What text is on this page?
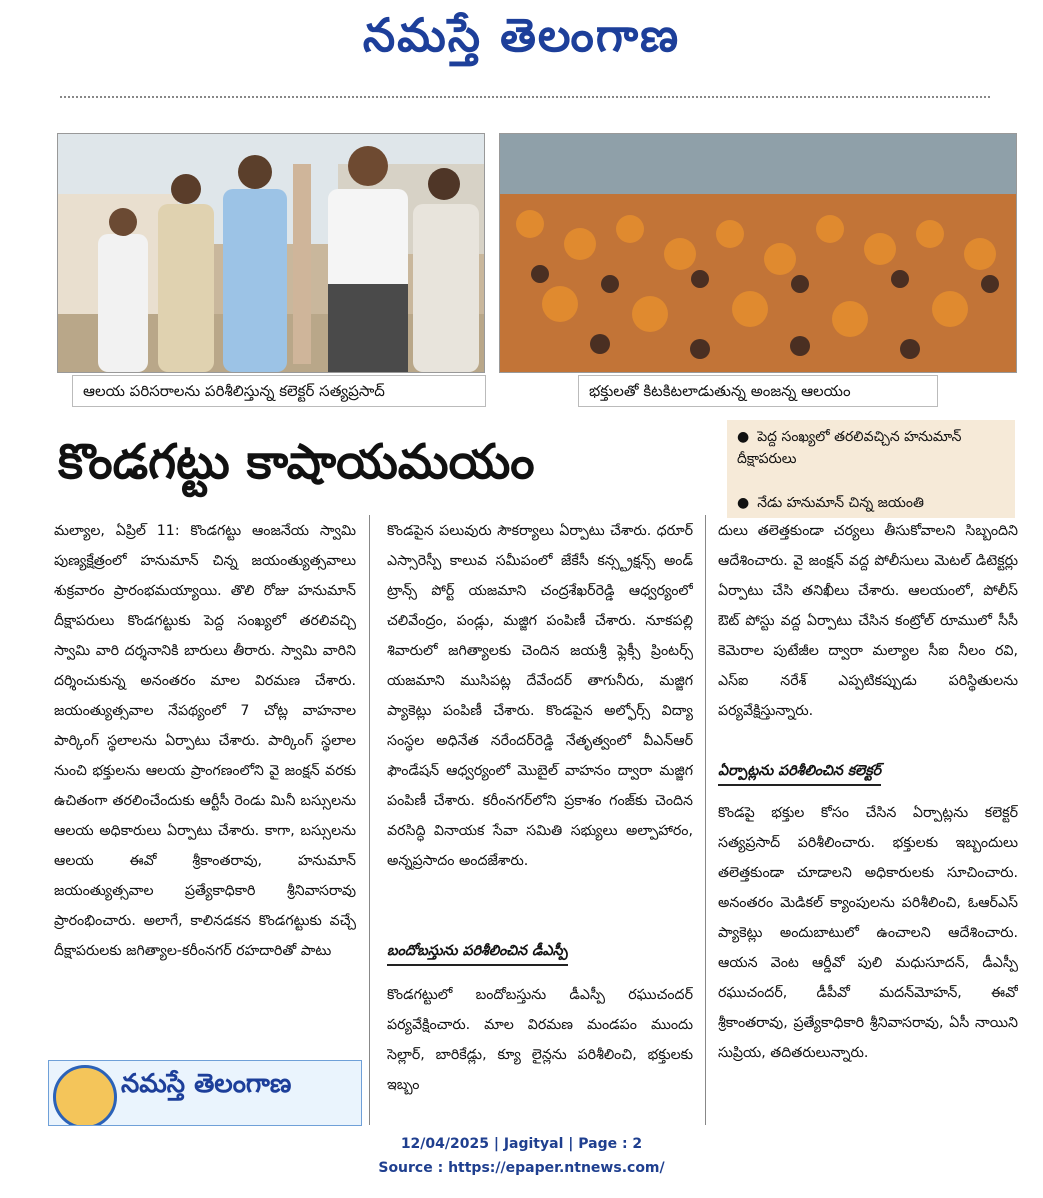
నమస్తే తెలంగాణ
ఆలయ పరిసరాలను పరిశీలిస్తున్న కలెక్టర్ సత్యప్రసాద్	భక్తులతో కిటకిటలాడుతున్న అంజన్న ఆలయం
కొండగట్టు కాషాయమయం	● పెద్ద సంఖ్యలో తరలివచ్చిన హనుమాన్ దీక్షాపరులు
● నేడు హనుమాన్ చిన్న జయంతి

మల్యాల, ఏప్రిల్ 11: కొండగట్టు ఆంజనేయ స్వామి పుణ్యక్షేత్రంలో హనుమాన్ చిన్న జయంత్యుత్సవాలు శుక్రవారం ప్రారంభమయ్యాయి. తొలి రోజు హనుమాన్ దీక్షాపరులు కొండగట్టుకు పెద్ద సంఖ్యలో తరలివచ్చి స్వామి వారి దర్శనానికి బారులు తీరారు. స్వామి వారిని దర్శించుకున్న అనంతరం మాల విరమణ చేశారు. జయంత్యుత్సవాల నేపథ్యంలో 7 చోట్ల వాహనాల పార్కింగ్ స్థలాలను ఏర్పాటు చేశారు. పార్కింగ్ స్థలాల నుంచి భక్తులను ఆలయ ప్రాంగణంలోని వై జంక్షన్ వరకు ఉచితంగా తరలించేందుకు ఆర్టీసీ రెండు మినీ బస్సులను ఆలయ అధికారులు ఏర్పాటు చేశారు. కాగా, బస్సులను ఆలయ ఈవో శ్రీకాంతరావు, హనుమాన్ జయంత్యుత్సవాల ప్రత్యేకాధికారి శ్రీనివాసరావు ప్రారంభించారు. అలాగే, కాలినడకన కొండగట్టుకు వచ్చే దీక్షాపరులకు జగిత్యాల-కరీంనగర్ రహదారితో పాటు

నమస్తే తెలంగాణ

కొండపైన పలువురు సౌకర్యాలు ఏర్పాటు చేశారు. ధరూర్ ఎస్సారెస్పీ కాలువ సమీపంలో జేకేసీ కన్స్ట్రక్షన్స్ అండ్ ట్రాన్స్ పోర్ట్ యజమాని చంద్రశేఖర్‌రెడ్డి ఆధ్వర్యంలో చలివేంద్రం, పండ్లు, మజ్జిగ పంపిణీ చేశారు. నూకపల్లి శివారులో జగిత్యాలకు చెందిన జయశ్రీ ఫ్లెక్సీ ప్రింటర్స్ యజమాని ముసిపట్ల దేవేందర్ తాగునీరు, మజ్జిగ ప్యాకెట్లు పంపిణీ చేశారు. కొండపైన అల్ఫోర్స్ విద్యా సంస్థల అధినేత నరేందర్‌రెడ్డి నేతృత్వంలో వీఎన్ఆర్ ఫౌండేషన్ ఆధ్వర్యంలో మొబైల్ వాహనం ద్వారా మజ్జిగ పంపిణీ చేశారు. కరీంనగర్‌లోని ప్రకాశం గంజ్‌కు చెందిన వరసిద్ధి వినాయక సేవా సమితి సభ్యులు అల్పాహారం, అన్నప్రసాదం అందజేశారు.

బందోబస్తును పరిశీలించిన డీఎస్పీ

కొండగట్టులో బందోబస్తును డీఎస్పీ రఘుచందర్ పర్యవేక్షించారు. మాల విరమణ మండపం ముందు సెల్లార్, బారికేడ్లు, క్యూ లైన్లను పరిశీలించి, భక్తులకు ఇబ్బం

దులు తలెత్తకుండా చర్యలు తీసుకోవాలని సిబ్బందిని ఆదేశించారు. వై జంక్షన్ వద్ద పోలీసులు మెటల్ డిటెక్టర్లు ఏర్పాటు చేసి తనిఖీలు చేశారు. ఆలయంలో, పోలీస్ ఔట్ పోస్టు వద్ద ఏర్పాటు చేసిన కంట్రోల్ రూములో సీసీ కెమెరాల పుటేజీల ద్వారా మల్యాల సీఐ నీలం రవి, ఎస్ఐ నరేశ్ ఎప్పటికప్పుడు పరిస్థితులను పర్యవేక్షిస్తున్నారు.

ఏర్పాట్లను పరిశీలించిన కలెక్టర్

కొండపై భక్తుల కోసం చేసిన ఏర్పాట్లను కలెక్టర్ సత్యప్రసాద్ పరిశీలించారు. భక్తులకు ఇబ్బందులు తలెత్తకుండా చూడాలని అధికారులకు సూచించారు. అనంతరం మెడికల్ క్యాంపులను పరిశీలించి, ఓఆర్ఎస్ ప్యాకెట్లు అందుబాటులో ఉంచాలని ఆదేశించారు. ఆయన వెంట ఆర్డీవో పులి మధుసూదన్, డీఎస్పీ రఘుచందర్, డీపీవో మదన్‌మోహన్, ఈవో శ్రీకాంతరావు, ప్రత్యేకాధికారి శ్రీనివాసరావు, ఏసీ నాయిని సుప్రియ, తదితరులున్నారు.

12/04/2025 | Jagityal | Page : 2
Source : https://epaper.ntnews.com/
